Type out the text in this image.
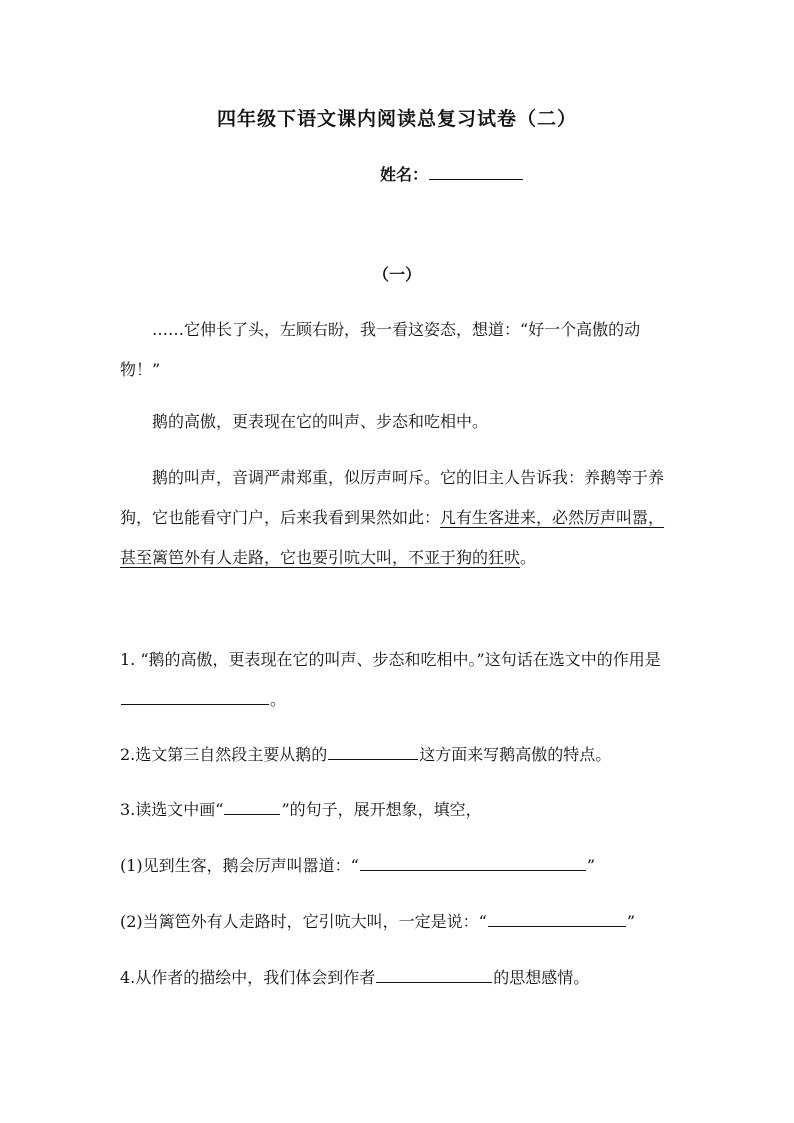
四年级下语文课内阅读总复习试卷（二）
姓名：
（一）
……它伸长了头，左顾右盼，我一看这姿态，想道：“好一个高傲的动物！”
鹅的高傲，更表现在它的叫声、步态和吃相中。
鹅的叫声，音调严肃郑重，似厉声呵斥。它的旧主人告诉我：养鹅等于养狗，它也能看守门户，后来我看到果然如此：凡有生客进来，必然厉声叫嚣，甚至篱笆外有人走路，它也要引吭大叫，不亚于狗的狂吠。
1. “鹅的高傲，更表现在它的叫声、步态和吃相中。”这句话在选文中的作用是。
2.选文第三自然段主要从鹅的	这方面来写鹅高傲的特点。
3.读选文中画“	”的句子，展开想象，填空，
(1)见到生客，鹅会厉声叫嚣道：“	”
(2)当篱笆外有人走路时，它引吭大叫，一定是说：“	”
4.从作者的描绘中，我们体会到作者	的思想感情。
